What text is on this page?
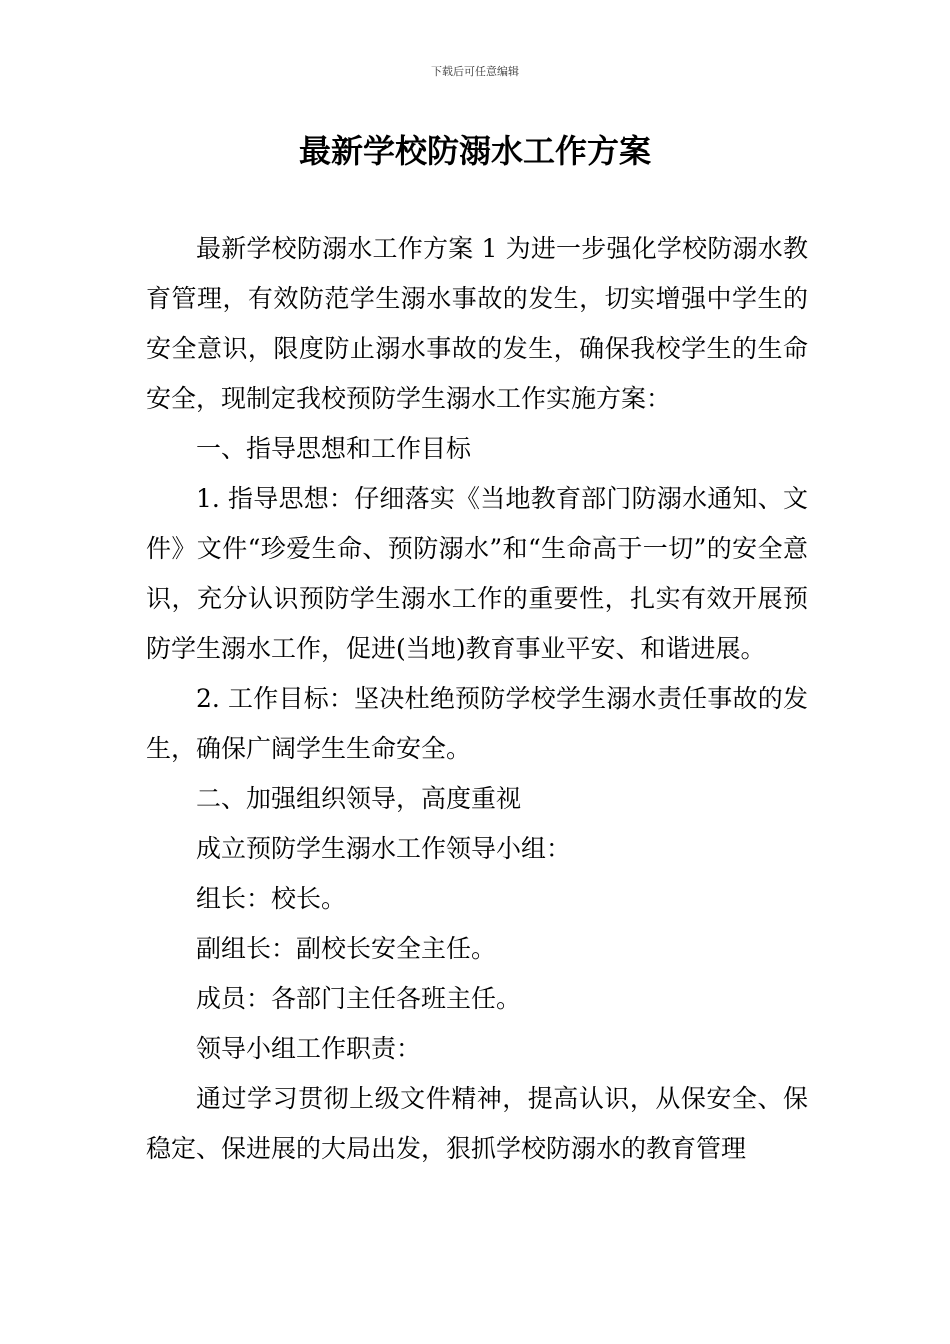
下载后可任意编辑
最新学校防溺水工作方案

最新学校防溺水工作方案 1 为进一步强化学校防溺水教育管理，有效防范学生溺水事故的发生，切实增强中学生的安全意识，限度防止溺水事故的发生，确保我校学生的生命安全，现制定我校预防学生溺水工作实施方案：

一、指导思想和工作目标

1. 指导思想：仔细落实《当地教育部门防溺水通知、文件》文件“珍爱生命、预防溺水”和“生命高于一切”的安全意识，充分认识预防学生溺水工作的重要性，扎实有效开展预防学生溺水工作，促进(当地)教育事业平安、和谐进展。

2. 工作目标：坚决杜绝预防学校学生溺水责任事故的发生，确保广阔学生生命安全。

二、加强组织领导，高度重视

成立预防学生溺水工作领导小组：

组长：校长。

副组长：副校长安全主任。

成员：各部门主任各班主任。

领导小组工作职责：

通过学习贯彻上级文件精神，提高认识，从保安全、保稳定、保进展的大局出发，狠抓学校防溺水的教育管理
